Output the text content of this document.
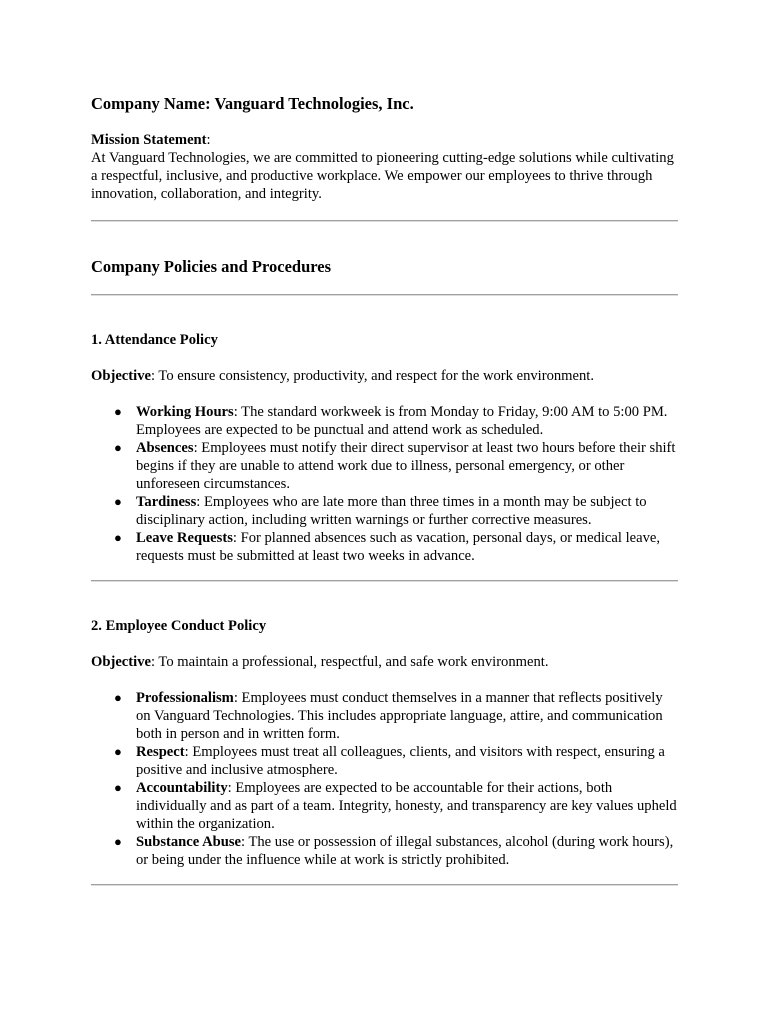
Company Name: Vanguard Technologies, Inc.

Mission Statement:

At Vanguard Technologies, we are committed to pioneering cutting-edge solutions while cultivating a respectful, inclusive, and productive workplace. We empower our employees to thrive through innovation, collaboration, and integrity.

Company Policies and Procedures
1. Attendance Policy

Objective: To ensure consistency, productivity, and respect for the work environment.

● Working Hours: The standard workweek is from Monday to Friday, 9:00 AM to 5:00 PM. Employees are expected to be punctual and attend work as scheduled.
● Absences: Employees must notify their direct supervisor at least two hours before their shift begins if they are unable to attend work due to illness, personal emergency, or other unforeseen circumstances.
● Tardiness: Employees who are late more than three times in a month may be subject to disciplinary action, including written warnings or further corrective measures.
● Leave Requests: For planned absences such as vacation, personal days, or medical leave, requests must be submitted at least two weeks in advance.
2. Employee Conduct Policy

Objective: To maintain a professional, respectful, and safe work environment.

● Professionalism: Employees must conduct themselves in a manner that reflects positively on Vanguard Technologies. This includes appropriate language, attire, and communication both in person and in written form.
● Respect: Employees must treat all colleagues, clients, and visitors with respect, ensuring a positive and inclusive atmosphere.
● Accountability: Employees are expected to be accountable for their actions, both individually and as part of a team. Integrity, honesty, and transparency are key values upheld within the organization.
● Substance Abuse: The use or possession of illegal substances, alcohol (during work hours), or being under the influence while at work is strictly prohibited.
